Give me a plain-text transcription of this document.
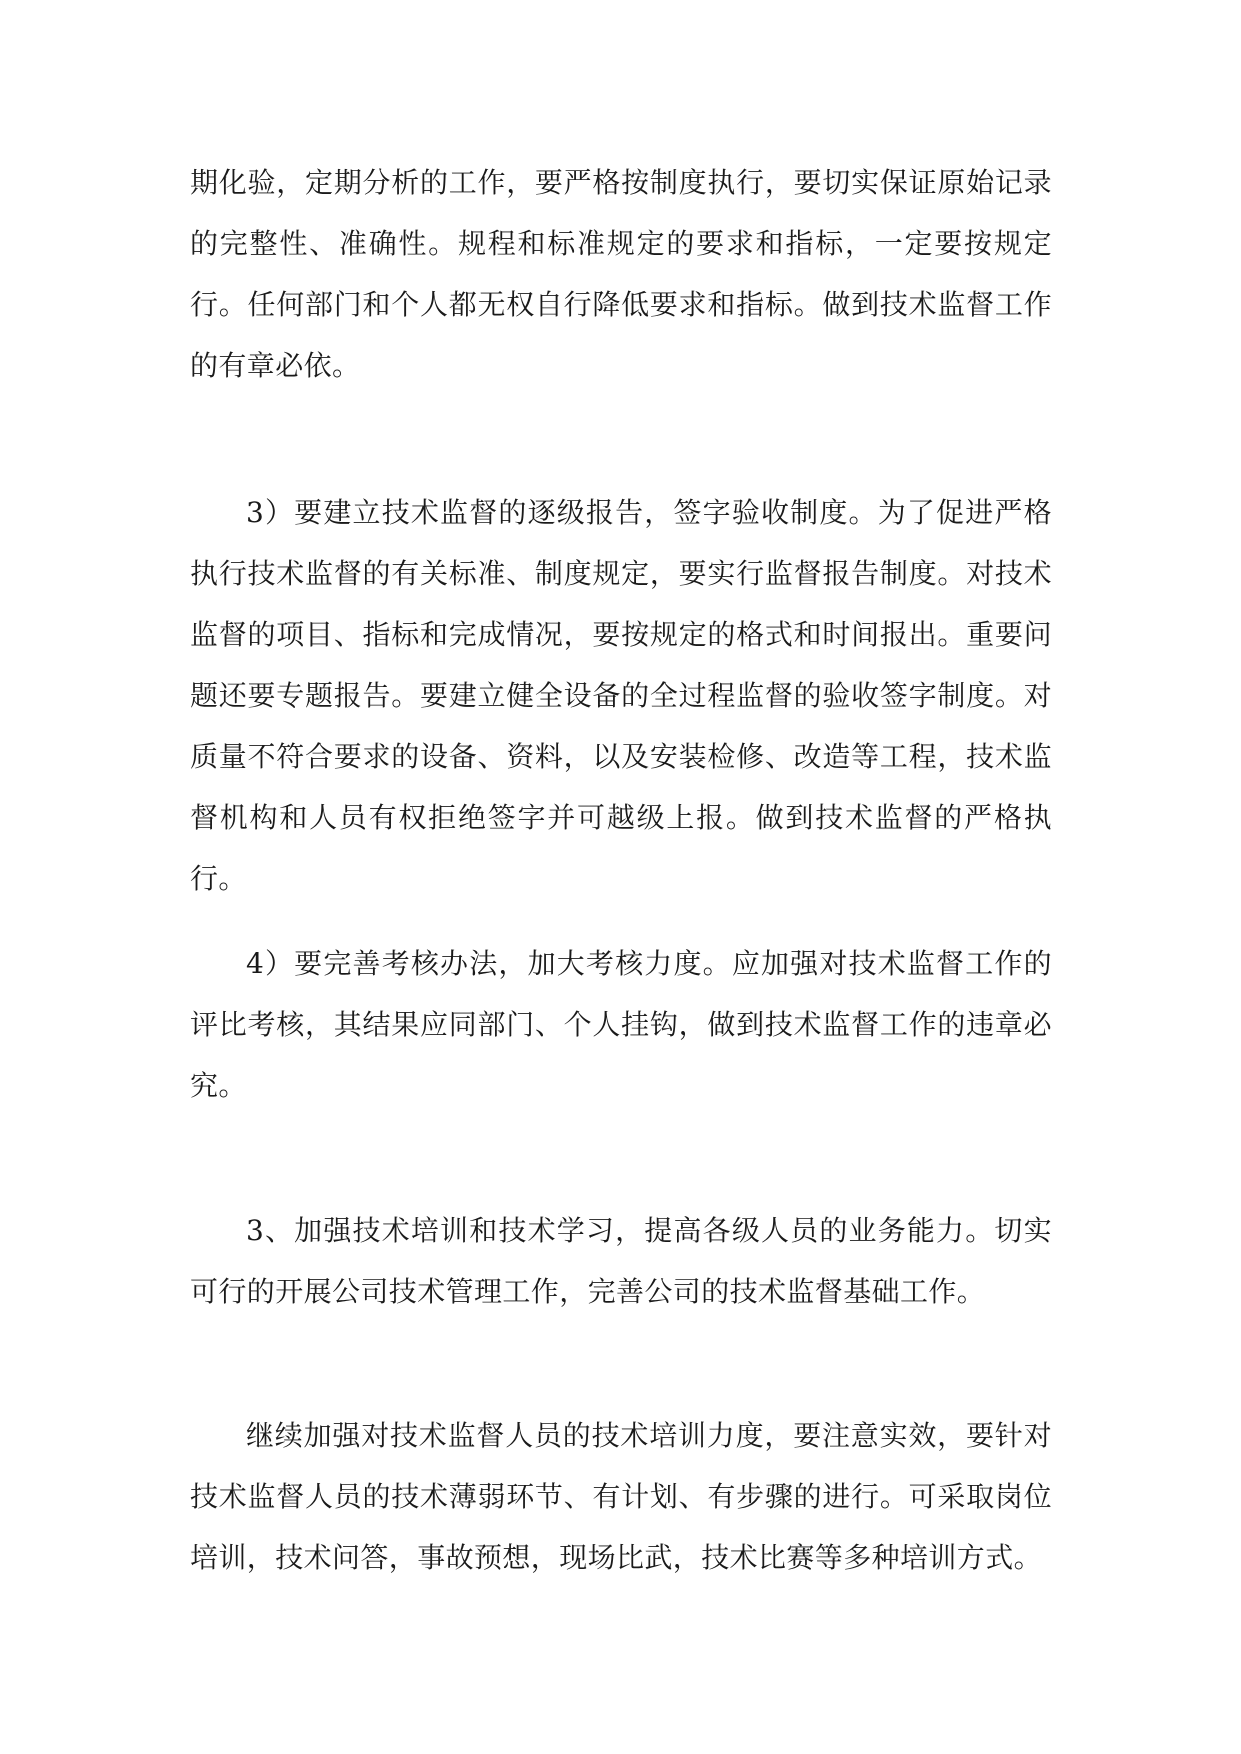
期化验，定期分析的工作，要严格按制度执行，要切实保证原始记录的完整性、准确性。规程和标准规定的要求和指标，一定要按规定行。任何部门和个人都无权自行降低要求和指标。做到技术监督工作的有章必依。

3）要建立技术监督的逐级报告，签字验收制度。为了促进严格执行技术监督的有关标准、制度规定，要实行监督报告制度。对技术监督的项目、指标和完成情况，要按规定的格式和时间报出。重要问题还要专题报告。要建立健全设备的全过程监督的验收签字制度。对质量不符合要求的设备、资料，以及安装检修、改造等工程，技术监督机构和人员有权拒绝签字并可越级上报。做到技术监督的严格执行。

4）要完善考核办法，加大考核力度。应加强对技术监督工作的评比考核，其结果应同部门、个人挂钩，做到技术监督工作的违章必究。

3、加强技术培训和技术学习，提高各级人员的业务能力。切实可行的开展公司技术管理工作，完善公司的技术监督基础工作。

继续加强对技术监督人员的技术培训力度，要注意实效，要针对技术监督人员的技术薄弱环节、有计划、有步骤的进行。可采取岗位培训，技术问答，事故预想，现场比武，技术比赛等多种培训方式。
